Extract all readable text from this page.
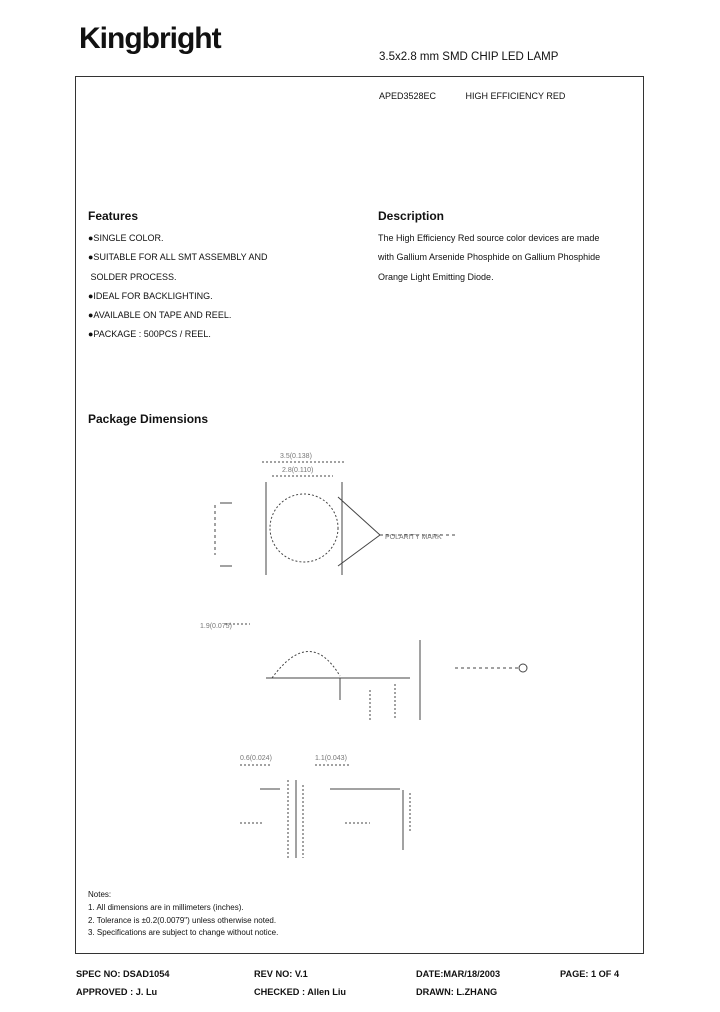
Kingbright
3.5x2.8 mm SMD CHIP LED LAMP
APED3528EC	HIGH EFFICIENCY RED
Features
●SINGLE COLOR.
●SUITABLE FOR ALL SMT ASSEMBLY AND
SOLDER PROCESS.
●IDEAL FOR BACKLIGHTING.
●AVAILABLE ON TAPE AND REEL.
●PACKAGE : 500PCS / REEL.
Description
The High Efficiency Red source color devices are made
with Gallium Arsenide Phosphide on Gallium Phosphide
Orange Light Emitting Diode.
Package Dimensions
3.5(0.138)
2.8(0.110)
POLARITY MARK
1.9(0.075)
0.6(0.024)	1.1(0.043)
Notes:
1. All dimensions are in millimeters (inches).
2. Tolerance is ±0.2(0.0079") unless otherwise noted.
3. Specifications are subject to change without notice.
SPEC NO: DSAD1054	REV NO: V.1	DATE:MAR/18/2003	PAGE: 1 OF 4
APPROVED : J. Lu	CHECKED : Allen Liu	DRAWN: L.ZHANG
